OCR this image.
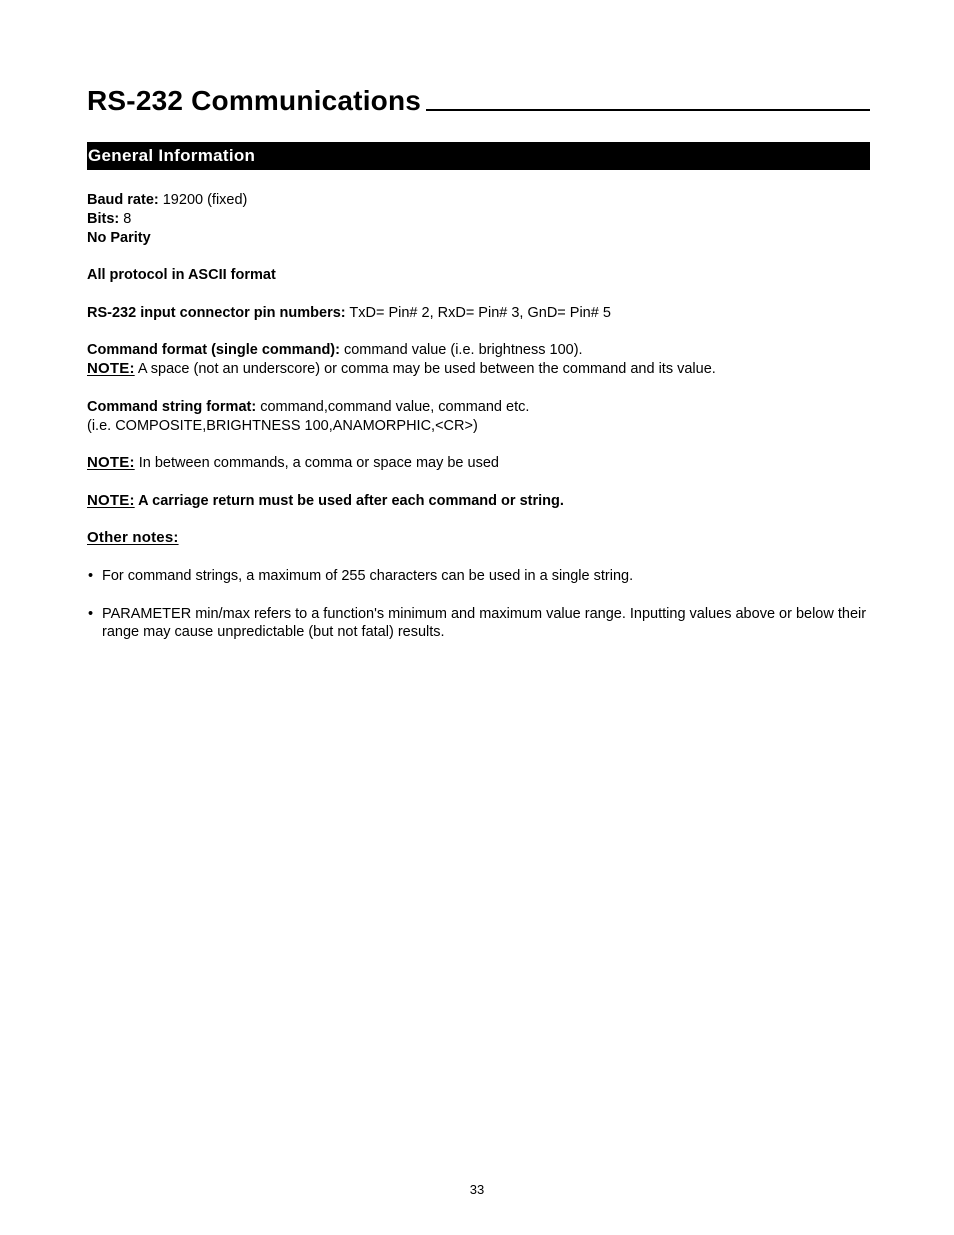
RS-232 Communications
General Information
Baud rate: 19200 (fixed)
Bits: 8
No Parity
All protocol in ASCII format
RS-232 input connector pin numbers: TxD= Pin# 2, RxD= Pin# 3, GnD= Pin# 5
Command format (single command): command value (i.e. brightness 100).
NOTE: A space (not an underscore) or comma may be used between the command and its value.
Command string format: command,command value, command etc.
(i.e. COMPOSITE,BRIGHTNESS 100,ANAMORPHIC,<CR>)
NOTE: In between commands, a comma or space may be used
NOTE: A carriage return must be used after each command or string.
Other notes:
• For command strings, a maximum of 255 characters can be used in a single string.
• PARAMETER min/max refers to a function's minimum and maximum value range. Inputting values above or below their range may cause unpredictable (but not fatal) results.
33
